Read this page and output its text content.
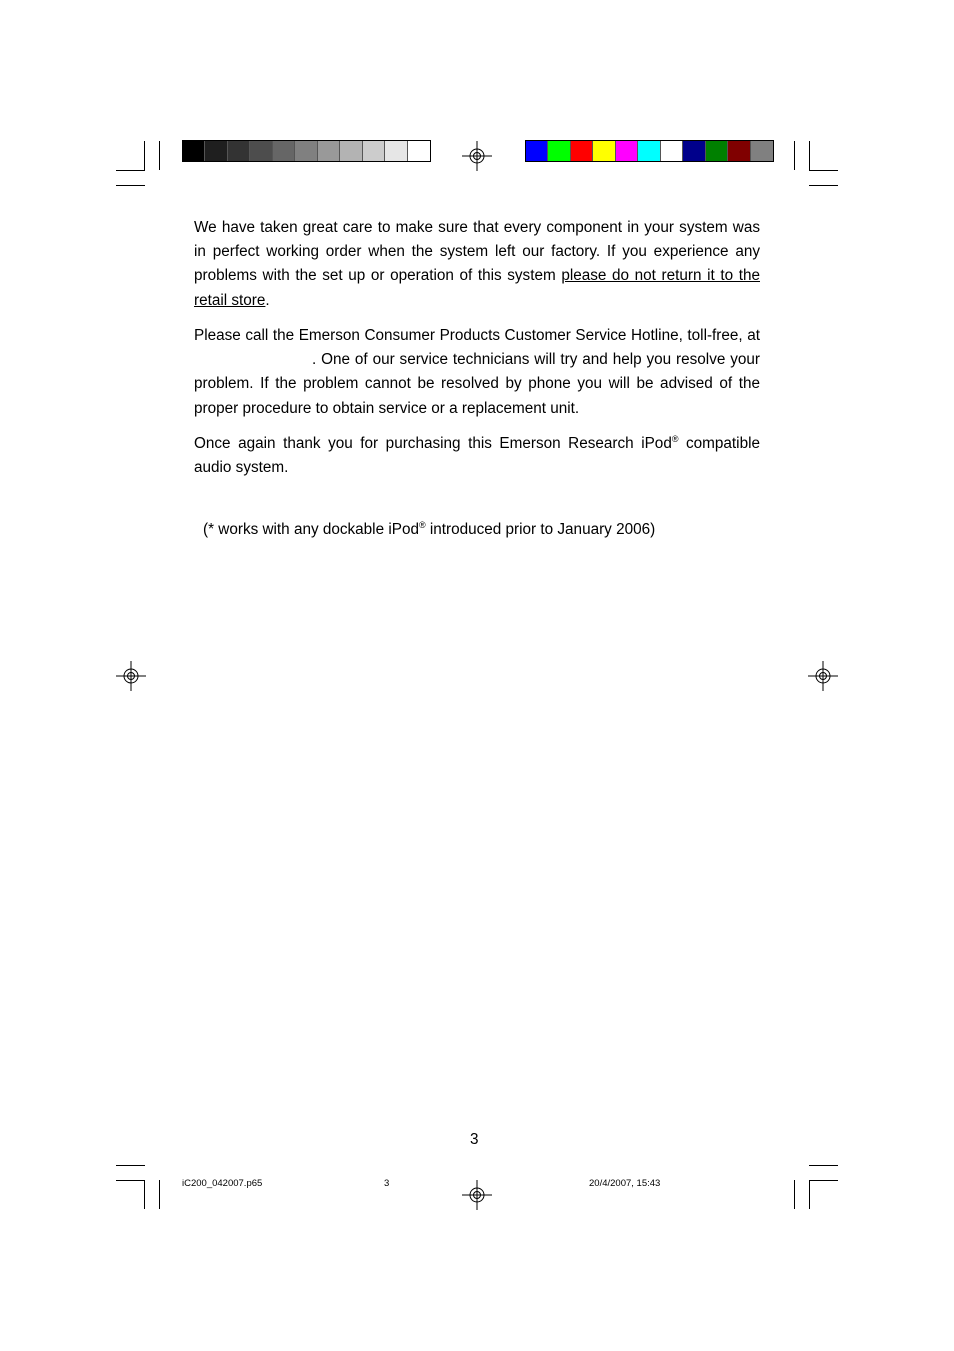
We have taken great care to make sure that every component in your system was in perfect working order when the system left our factory. If you experience any problems with the set up or operation of this system please do not return it to the retail store.

Please call the Emerson Consumer Products Customer Service Hotline, toll-free, at. One of our service technicians will try and help you resolve your problem. If the problem cannot be resolved by phone you will be advised of the proper procedure to obtain service or a replacement unit.

Once again thank you for purchasing this Emerson Research iPod® compatible audio system.

(* works with any dockable iPod® introduced prior to January 2006)

3
iC200_042007.p65	3	20/4/2007, 15:43
